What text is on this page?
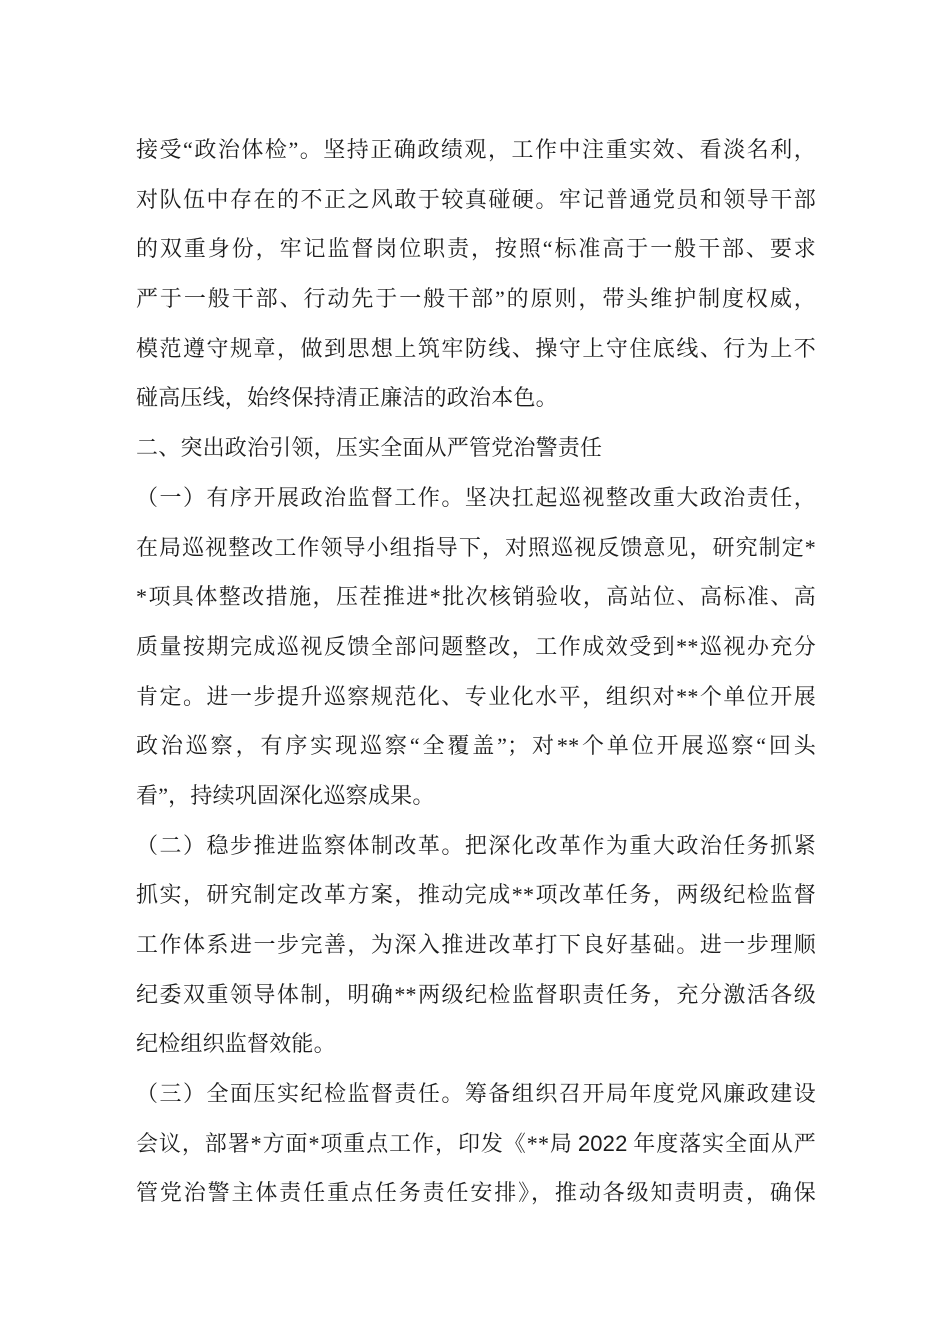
接受“政治体检”。坚持正确政绩观，工作中注重实效、看淡名利，
对队伍中存在的不正之风敢于较真碰硬。牢记普通党员和领导干部
的双重身份，牢记监督岗位职责，按照“标准高于一般干部、要求
严于一般干部、行动先于一般干部”的原则，带头维护制度权威，
模范遵守规章，做到思想上筑牢防线、操守上守住底线、行为上不
碰高压线，始终保持清正廉洁的政治本色。
二、突出政治引领，压实全面从严管党治警责任
（一）有序开展政治监督工作。坚决扛起巡视整改重大政治责任，
在局巡视整改工作领导小组指导下，对照巡视反馈意见，研究制定*
*项具体整改措施，压茬推进*批次核销验收，高站位、高标准、高
质量按期完成巡视反馈全部问题整改，工作成效受到**巡视办充分
肯定。进一步提升巡察规范化、专业化水平，组织对**个单位开展
政治巡察，有序实现巡察“全覆盖”；对**个单位开展巡察“回头
看”，持续巩固深化巡察成果。
（二）稳步推进监察体制改革。把深化改革作为重大政治任务抓紧
抓实，研究制定改革方案，推动完成**项改革任务，两级纪检监督
工作体系进一步完善，为深入推进改革打下良好基础。进一步理顺
纪委双重领导体制，明确**两级纪检监督职责任务，充分激活各级
纪检组织监督效能。
（三）全面压实纪检监督责任。筹备组织召开局年度党风廉政建设
会议，部署*方面*项重点工作，印发《**局 2022 年度落实全面从严
管党治警主体责任重点任务责任安排》，推动各级知责明责，确保
